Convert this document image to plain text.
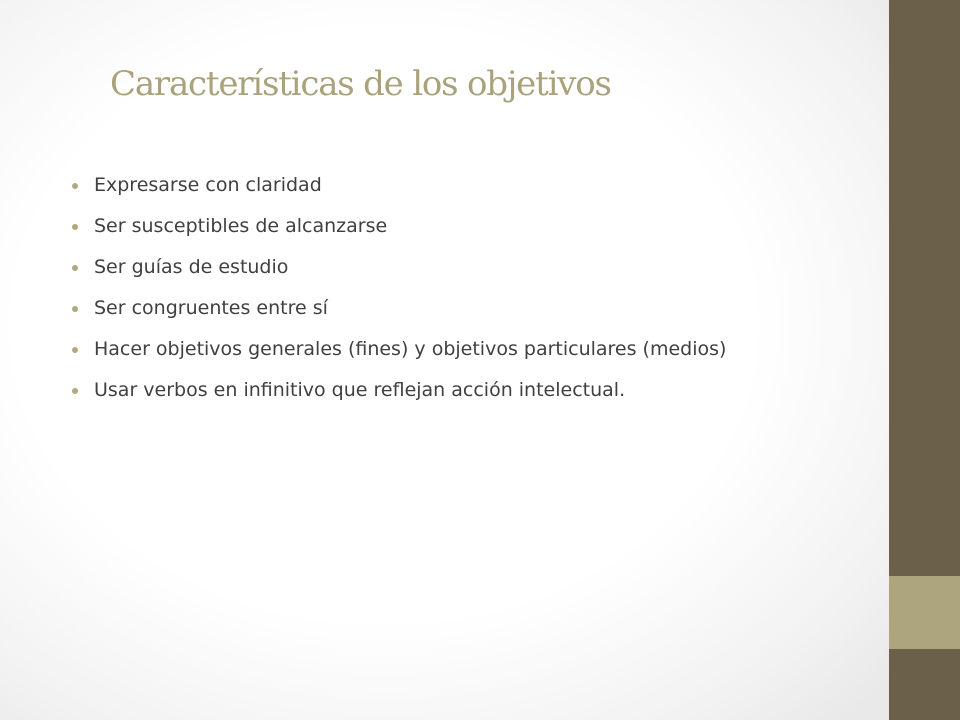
Características de los objetivos
Expresarse con claridad
Ser susceptibles de alcanzarse
Ser guías de estudio
Ser congruentes entre sí
Hacer objetivos generales (fines) y objetivos particulares (medios)
Usar verbos en infinitivo que reflejan acción intelectual.
